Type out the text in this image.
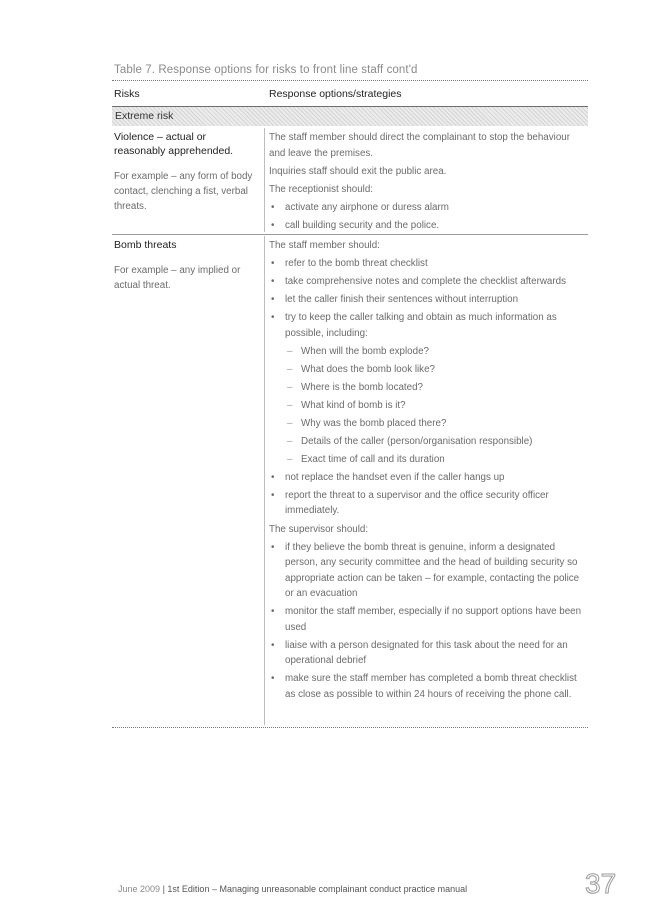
Table 7. Response options for risks to front line staff cont'd
Risks	Response options/strategies
Extreme risk

Violence – actual or reasonably apprehended.

For example – any form of body contact, clenching a fist, verbal threats.

The staff member should direct the complainant to stop the behaviour and leave the premises.

Inquiries staff should exit the public area.

The receptionist should:

• activate any airphone or duress alarm
• call building security and the police.

Bomb threats

For example – any implied or actual threat.

The staff member should:

• refer to the bomb threat checklist
• take comprehensive notes and complete the checklist afterwards
• let the caller finish their sentences without interruption
• try to keep the caller talking and obtain as much information as possible, including:
– When will the bomb explode?
– What does the bomb look like?
– Where is the bomb located?
– What kind of bomb is it?
– Why was the bomb placed there?
– Details of the caller (person/organisation responsible)
– Exact time of call and its duration
• not replace the handset even if the caller hangs up
• report the threat to a supervisor and the office security officer immediately.

The supervisor should:

• if they believe the bomb threat is genuine, inform a designated person, any security committee and the head of building security so appropriate action can be taken – for example, contacting the police or an evacuation
• monitor the staff member, especially if no support options have been used
• liaise with a person designated for this task about the need for an operational debrief
• make sure the staff member has completed a bomb threat checklist as close as possible to within 24 hours of receiving the phone call.
June 2009 | 1st Edition – Managing unreasonable complainant conduct practice manual	37
